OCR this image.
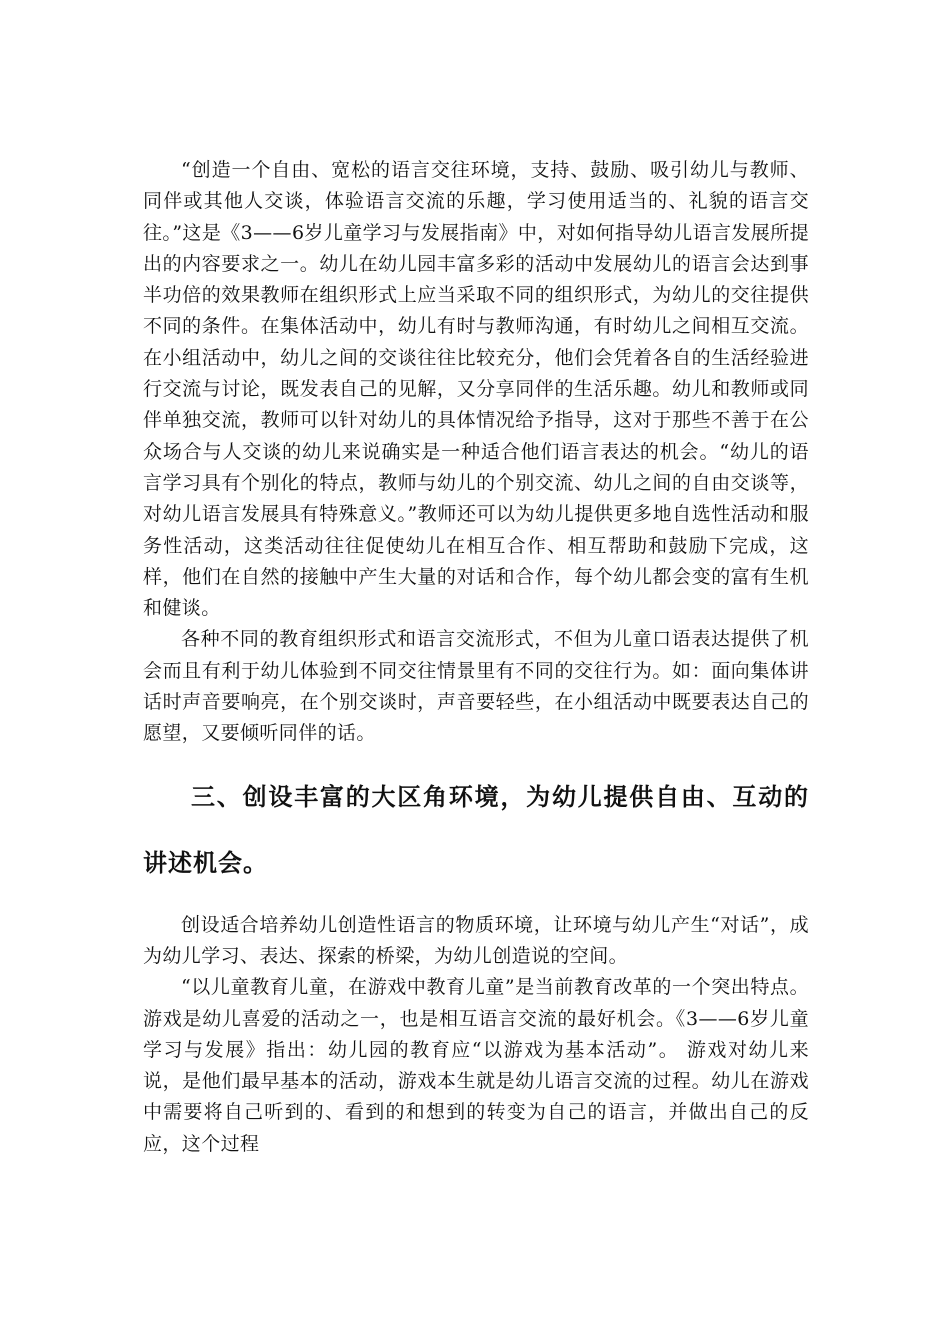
“创造一个自由、宽松的语言交往环境，支持、鼓励、吸引幼儿与教师、同伴或其他人交谈，体验语言交流的乐趣，学习使用适当的、礼貌的语言交往。”这是《3——6岁儿童学习与发展指南》中，对如何指导幼儿语言发展所提出的内容要求之一。幼儿在幼儿园丰富多彩的活动中发展幼儿的语言会达到事半功倍的效果教师在组织形式上应当采取不同的组织形式，为幼儿的交往提供不同的条件。在集体活动中，幼儿有时与教师沟通，有时幼儿之间相互交流。在小组活动中，幼儿之间的交谈往往比较充分，他们会凭着各自的生活经验进行交流与讨论，既发表自己的见解，又分享同伴的生活乐趣。幼儿和教师或同伴单独交流，教师可以针对幼儿的具体情况给予指导，这对于那些不善于在公众场合与人交谈的幼儿来说确实是一种适合他们语言表达的机会。“幼儿的语言学习具有个别化的特点，教师与幼儿的个别交流、幼儿之间的自由交谈等，对幼儿语言发展具有特殊意义。”教师还可以为幼儿提供更多地自选性活动和服务性活动，这类活动往往促使幼儿在相互合作、相互帮助和鼓励下完成，这样，他们在自然的接触中产生大量的对话和合作，每个幼儿都会变的富有生机和健谈。

各种不同的教育组织形式和语言交流形式，不但为儿童口语表达提供了机会而且有利于幼儿体验到不同交往情景里有不同的交往行为。如：面向集体讲话时声音要响亮，在个别交谈时，声音要轻些，在小组活动中既要表达自己的愿望，又要倾听同伴的话。

三、创设丰富的大区角环境，为幼儿提供自由、互动的讲述机会。

创设适合培养幼儿创造性语言的物质环境，让环境与幼儿产生“对话”，成为幼儿学习、表达、探索的桥梁，为幼儿创造说的空间。

“以儿童教育儿童，在游戏中教育儿童”是当前教育改革的一个突出特点。游戏是幼儿喜爱的活动之一，也是相互语言交流的最好机会。《3——6岁儿童学习与发展》指出：幼儿园的教育应“以游戏为基本活动”。 游戏对幼儿来说，是他们最早基本的活动，游戏本生就是幼儿语言交流的过程。幼儿在游戏中需要将自己听到的、看到的和想到的转变为自己的语言，并做出自己的反应，这个过程
